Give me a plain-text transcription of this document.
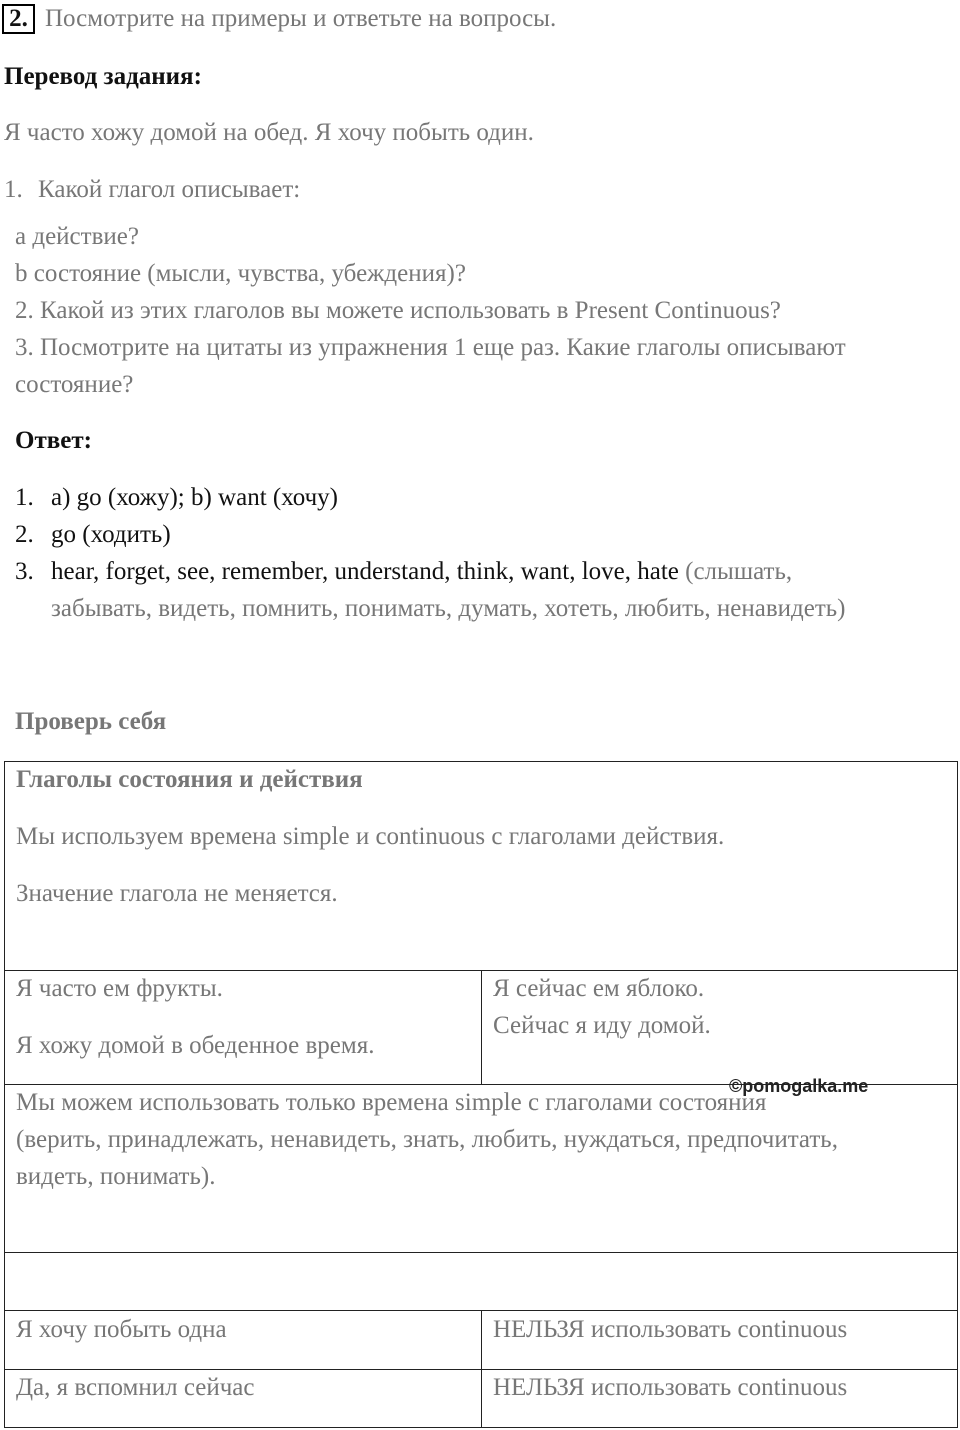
2. Посмотрите на примеры и ответьте на вопросы.
Перевод задания:
Я часто хожу домой на обед. Я хочу побыть один.
1. Какой глагол описывает:
а действие?
b состояние (мысли, чувства, убеждения)?
2. Какой из этих глаголов вы можете использовать в Present Continuous?
3. Посмотрите на цитаты из упражнения 1 еще раз. Какие глаголы описывают
состояние?
Ответ:
1. a) go (хожу); b) want (хочу)
2. go (ходить)
3. hear, forget, see, remember, understand, think, want, love, hate (слышать,
забывать, видеть, помнить, понимать, думать, хотеть, любить, ненавидеть)
Проверь себя
Глаголы состояния и действия
Мы используем времена simple и continuous с глаголами действия.
Значение глагола не меняется.
Я часто ем фрукты.
Я хожу домой в обеденное время.
Я сейчас ем яблоко.
Сейчас я иду домой.
Мы можем использовать только времена simple с глаголами состояния
(верить, принадлежать, ненавидеть, знать, любить, нуждаться, предпочитать,
видеть, понимать).
Я хочу побыть одна	НЕЛЬЗЯ использовать continuous
Да, я вспомнил сейчас	НЕЛЬЗЯ использовать continuous
©pomogalka.me
